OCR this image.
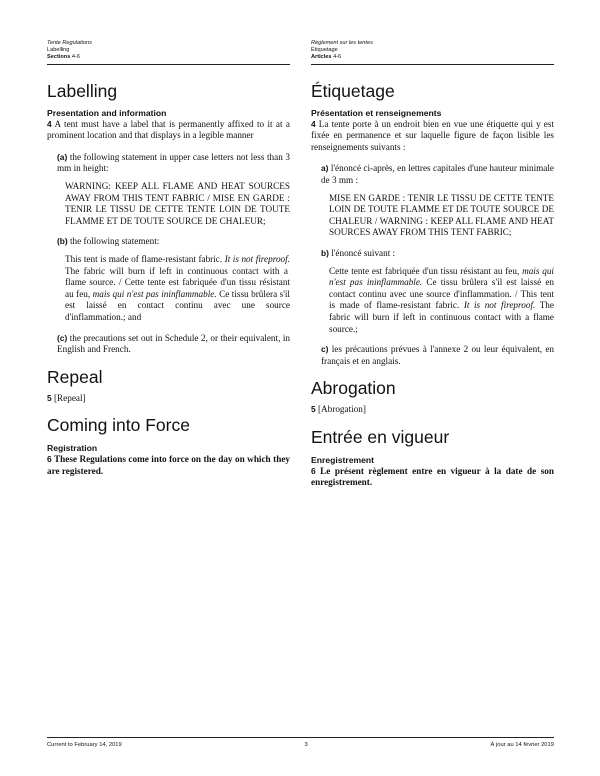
Tente Regulations
Labelling
Sections 4-6
Labelling
Presentation and information

4 A tent must have a label that is permanently affixed to it at a prominent location and that displays in a legible manner

(a) the following statement in upper case letters not less than 3 mm in height:

WARNING: KEEP ALL FLAME AND HEAT SOURCES AWAY FROM THIS TENT FABRIC / MISE EN GARDE : TENIR LE TISSU DE CETTE TENTE LOIN DE TOUTE FLAMME ET DE TOUTE SOURCE DE CHALEUR;

(b) the following statement:

This tent is made of flame-resistant fabric. It is not fireproof. The fabric will burn if left in continuous contact with a flame source. / Cette tente est fabriquée d'un tissu résistant au feu, mais qui n'est pas ininflammable. Ce tissu brûlera s'il est laissé en contact continu avec une source d'inflammation.; and

(c) the precautions set out in Schedule 2, or their equivalent, in English and French.

Repeal

5 [Repeal]

Coming into Force
Registration

6 These Regulations come into force on the day on which they are registered.

Règlement sur les tentes
Étiquetage
Articles 4-6
Étiquetage
Présentation et renseignements

4 La tente porte à un endroit bien en vue une étiquette qui y est fixée en permanence et sur laquelle figure de façon lisible les renseignements suivants :

a) l'énoncé ci-après, en lettres capitales d'une hauteur minimale de 3 mm :

MISE EN GARDE : TENIR LE TISSU DE CETTE TENTE LOIN DE TOUTE FLAMME ET DE TOUTE SOURCE DE CHALEUR / WARNING : KEEP ALL FLAME AND HEAT SOURCES AWAY FROM THIS TENT FABRIC;

b) l'énoncé suivant :

Cette tente est fabriquée d'un tissu résistant au feu, mais qui n'est pas ininflammable. Ce tissu brûlera s'il est laissé en contact continu avec une source d'inflammation. / This tent is made of flame-resistant fabric. It is not fireproof. The fabric will burn if left in continuous contact with a flame source.;

c) les précautions prévues à l'annexe 2 ou leur équivalent, en français et en anglais.

Abrogation

5 [Abrogation]

Entrée en vigueur
Enregistrement

6 Le présent règlement entre en vigueur à la date de son enregistrement.

Current to February 14, 2019	3	À jour au 14 février 2019
